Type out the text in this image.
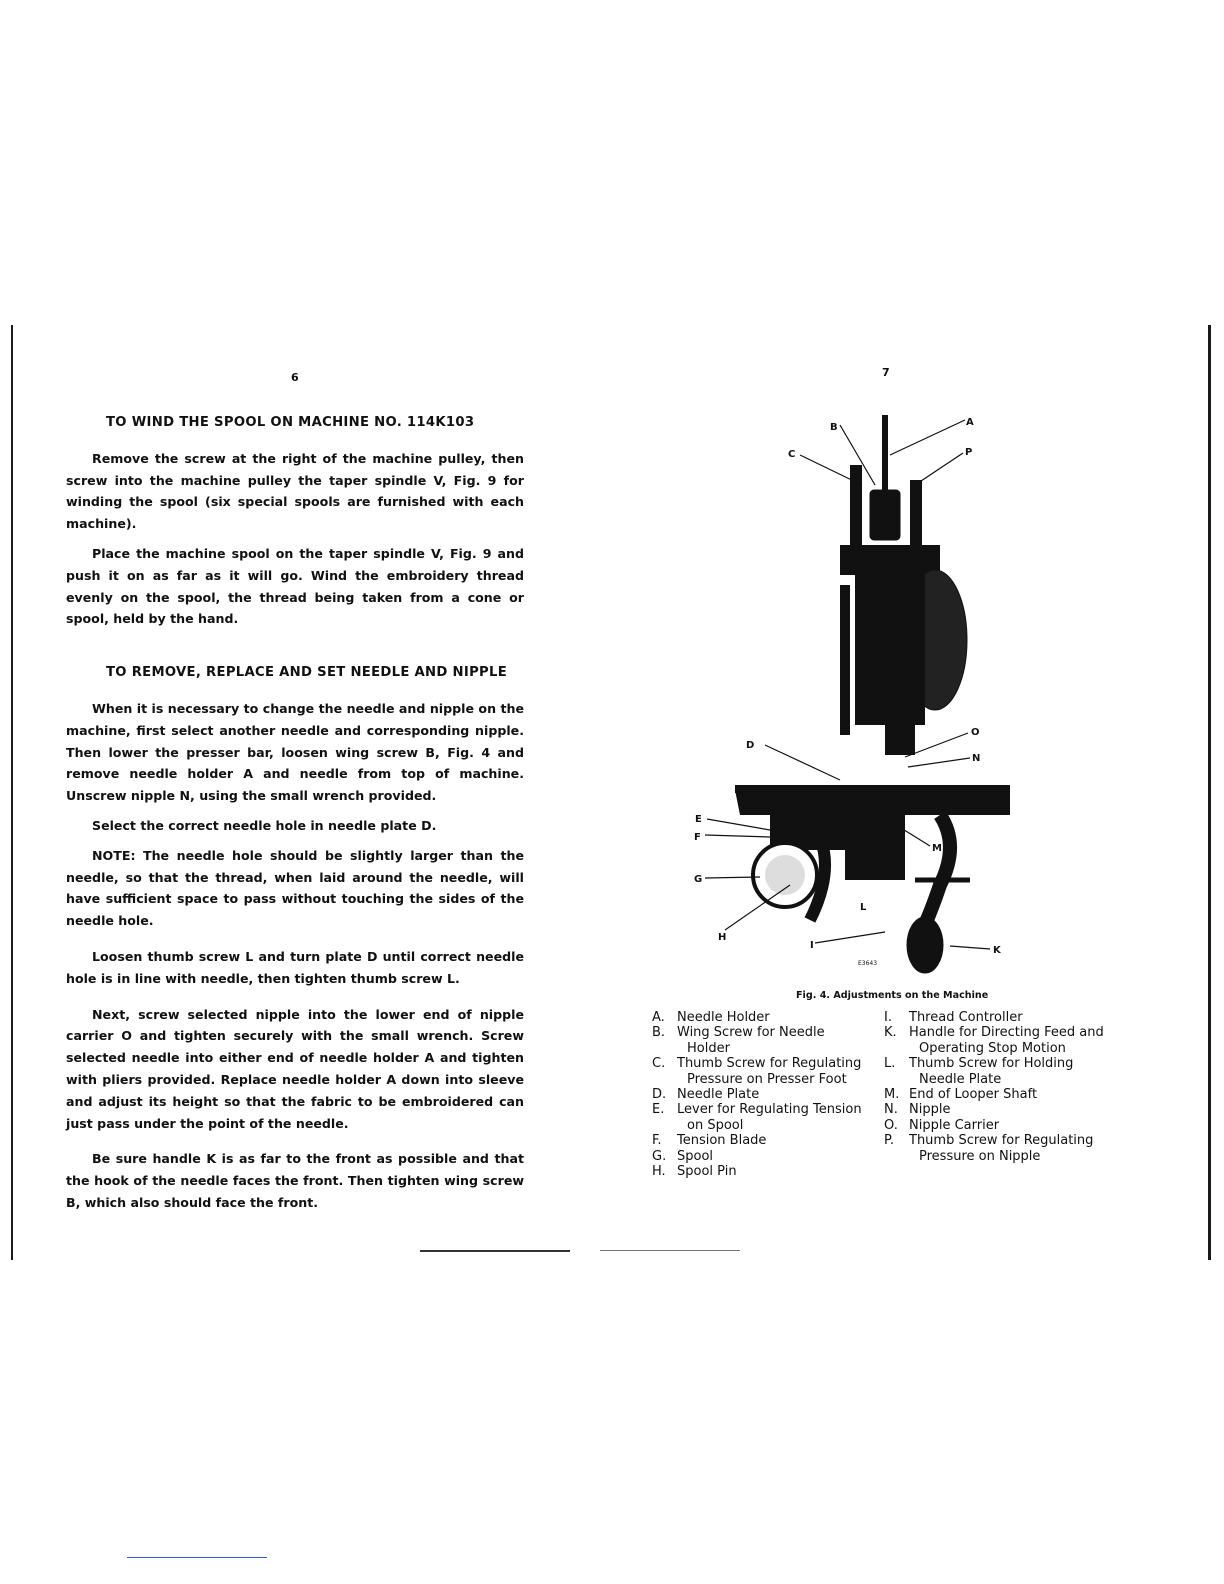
6	7
TO WIND THE SPOOL ON MACHINE NO. 114K103

Remove the screw at the right of the machine pulley, then screw into the machine pulley the taper spindle V, Fig. 9 for winding the spool (six special spools are furnished with each machine).

Place the machine spool on the taper spindle V, Fig. 9 and push it on as far as it will go. Wind the embroidery thread evenly on the spool, the thread being taken from a cone or spool, held by the hand.

TO REMOVE, REPLACE AND SET NEEDLE AND NIPPLE

When it is necessary to change the needle and nipple on the machine, first select another needle and corresponding nipple. Then lower the presser bar, loosen wing screw B, Fig. 4 and remove needle holder A and needle from top of machine. Unscrew nipple N, using the small wrench provided.

Select the correct needle hole in needle plate D.

NOTE: The needle hole should be slightly larger than the needle, so that the thread, when laid around the needle, will have sufficient space to pass without touching the sides of the needle hole.

Loosen thumb screw L and turn plate D until correct needle hole is in line with needle, then tighten thumb screw L.

Next, screw selected nipple into the lower end of nipple carrier O and tighten securely with the small wrench. Screw selected needle into either end of needle holder A and tighten with pliers provided. Replace needle holder A down into sleeve and adjust its height so that the fabric to be embroidered can just pass under the point of the needle.

Be sure handle K is as far to the front as possible and that the hook of the needle faces the front. Then tighten wing screw B, which also should face the front.

B	A
C	P
D
O
N
E
F
G
M
H
I
L
K
E3643
Fig. 4. Adjustments on the Machine
A. Needle Holder
B. Wing Screw for Needle
Holder
C. Thumb Screw for Regulating
Pressure on Presser Foot
D. Needle Plate
E. Lever for Regulating Tension
on Spool
F.	Tension Blade
G. Spool
H. Spool Pin
I.	Thread Controller
K. Handle for Directing Feed and
Operating Stop Motion
L.	Thumb Screw for Holding
Needle Plate
M. End of Looper Shaft
N. Nipple
O. Nipple Carrier
P.	Thumb Screw for Regulating
Pressure on Nipple
